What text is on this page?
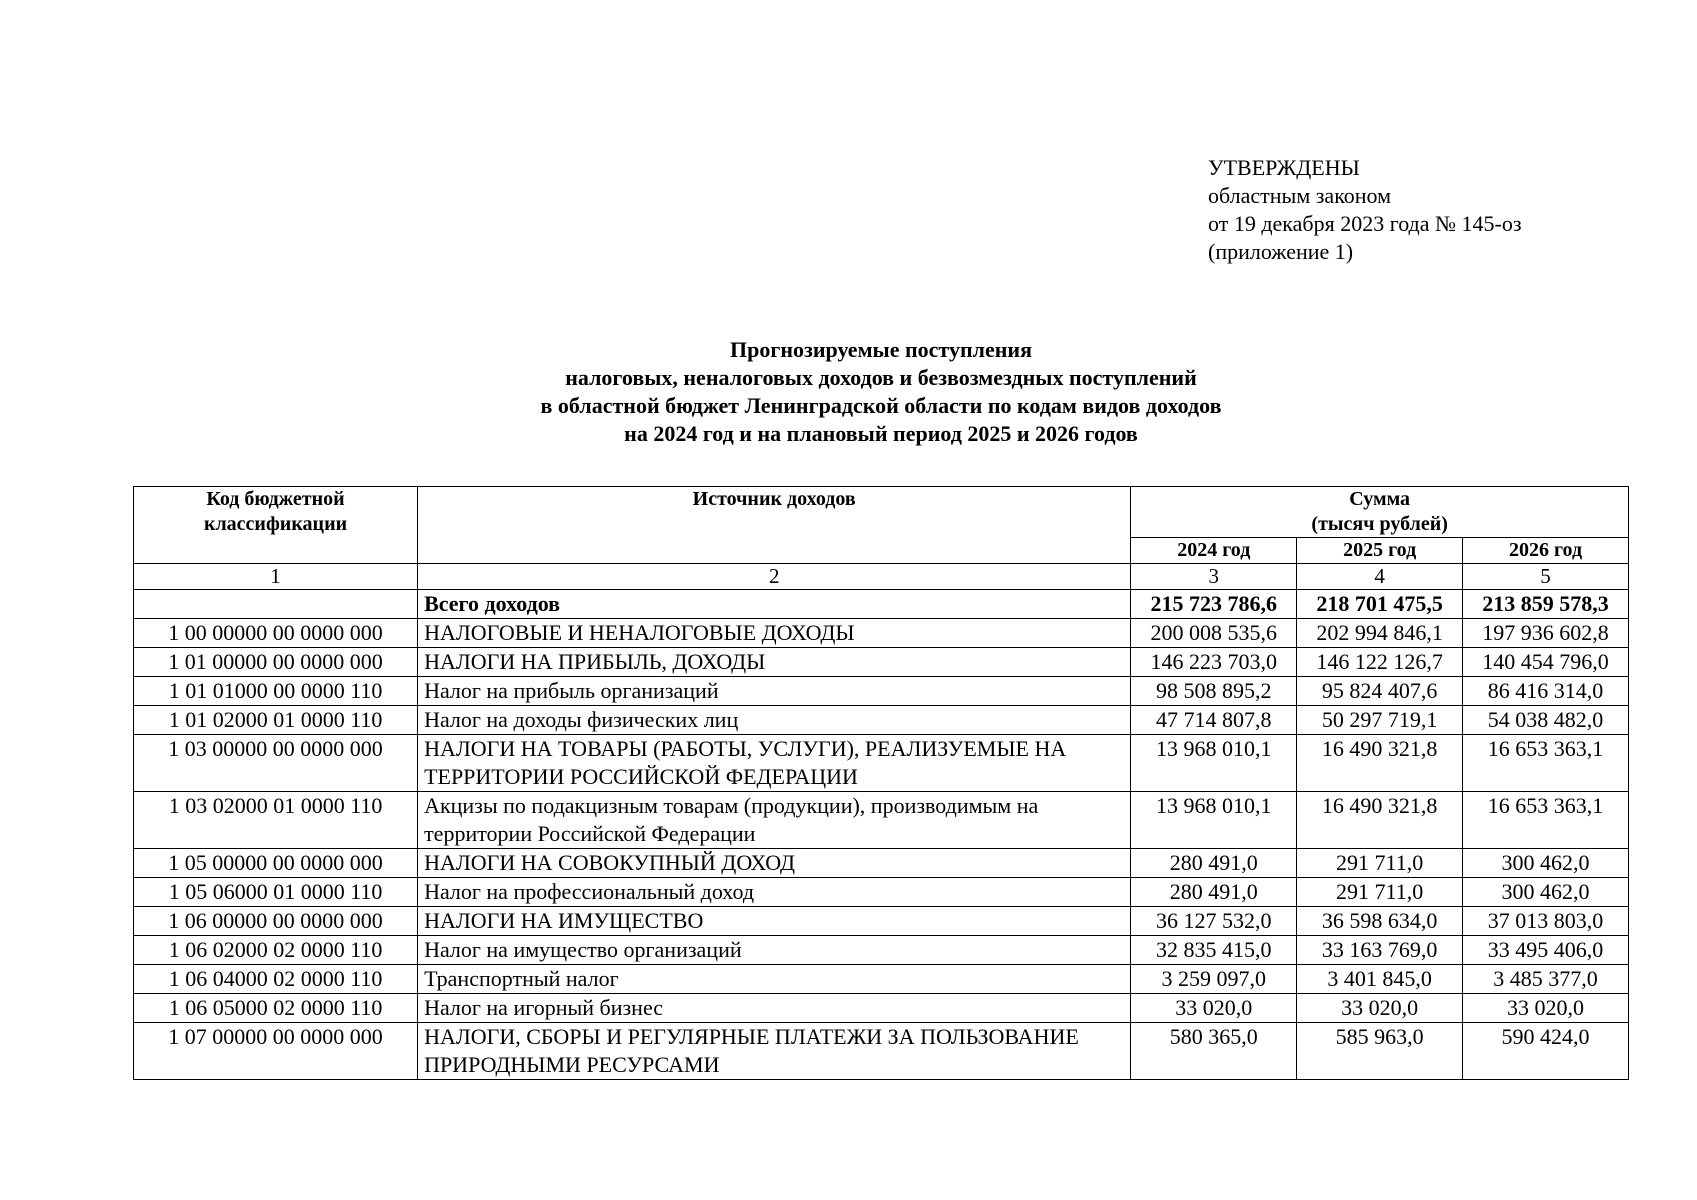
УТВЕРЖДЕНЫ
областным законом
от 19 декабря 2023 года № 145-оз
(приложение 1)
Прогнозируемые поступления
налоговых, неналоговых доходов и безвозмездных поступлений
в областной бюджет Ленинградской области по кодам видов доходов
на 2024 год и на плановый период 2025 и 2026 годов
Код бюджетной классификации	Источник доходов	Сумма
(тысяч рублей)		

		2024 год	2025 год	2026 год
1	2	3	4	5
	Всего доходов	215 723 786,6	218 701 475,5	213 859 578,3
1 00 00000 00 0000 000	НАЛОГОВЫЕ И НЕНАЛОГОВЫЕ ДОХОДЫ	200 008 535,6	202 994 846,1	197 936 602,8
1 01 00000 00 0000 000	НАЛОГИ НА ПРИБЫЛЬ, ДОХОДЫ	146 223 703,0	146 122 126,7	140 454 796,0
1 01 01000 00 0000 110	Налог на прибыль организаций	98 508 895,2	95 824 407,6	86 416 314,0
1 01 02000 01 0000 110	Налог на доходы физических лиц	47 714 807,8	50 297 719,1	54 038 482,0
1 03 00000 00 0000 000	НАЛОГИ НА ТОВАРЫ (РАБОТЫ, УСЛУГИ), РЕАЛИЗУЕМЫЕ НА ТЕРРИТОРИИ РОССИЙСКОЙ ФЕДЕРАЦИИ	13 968 010,1	16 490 321,8	16 653 363,1
1 03 02000 01 0000 110	Акцизы по подакцизным товарам (продукции), производимым на территории Российской Федерации	13 968 010,1	16 490 321,8	16 653 363,1
1 05 00000 00 0000 000	НАЛОГИ НА СОВОКУПНЫЙ ДОХОД	280 491,0	291 711,0	300 462,0
1 05 06000 01 0000 110	Налог на профессиональный доход	280 491,0	291 711,0	300 462,0
1 06 00000 00 0000 000	НАЛОГИ НА ИМУЩЕСТВО	36 127 532,0	36 598 634,0	37 013 803,0
1 06 02000 02 0000 110	Налог на имущество организаций	32 835 415,0	33 163 769,0	33 495 406,0
1 06 04000 02 0000 110	Транспортный налог	3 259 097,0	3 401 845,0	3 485 377,0
1 06 05000 02 0000 110	Налог на игорный бизнес	33 020,0	33 020,0	33 020,0
1 07 00000 00 0000 000	НАЛОГИ, СБОРЫ И РЕГУЛЯРНЫЕ ПЛАТЕЖИ ЗА ПОЛЬЗОВАНИЕ ПРИРОДНЫМИ РЕСУРСАМИ	580 365,0	585 963,0	590 424,0
